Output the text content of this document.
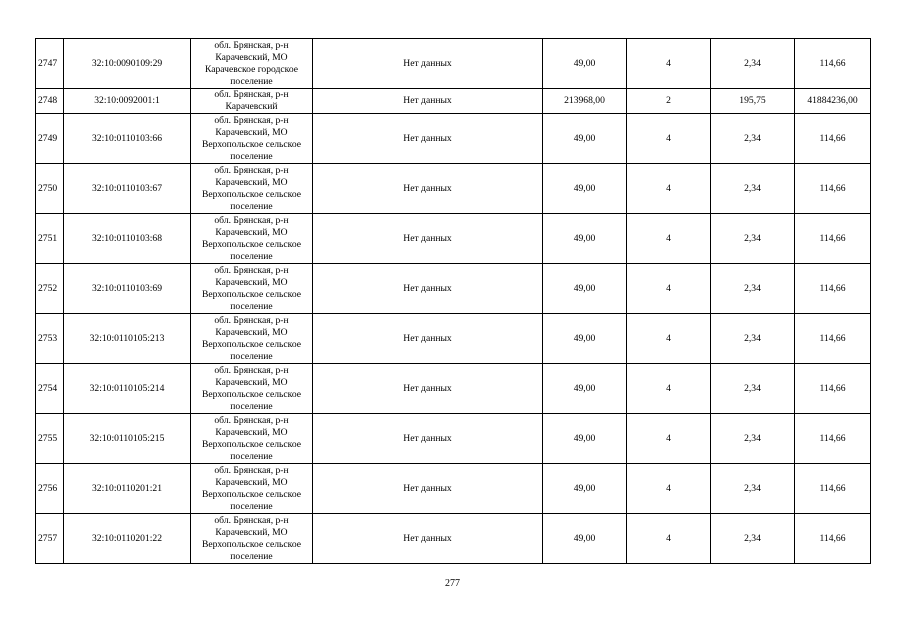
2747	32:10:0090109:29	обл. Брянская, р-н
Карачевский, МО
Карачевское городское
поселение	Нет данных	49,00	4	2,34	114,66
2748	32:10:0092001:1	обл. Брянская, р-н
Карачевский	Нет данных	213968,00	2	195,75	41884236,00
2749	32:10:0110103:66	обл. Брянская, р-н
Карачевский, МО
Верхопольское сельское
поселение	Нет данных	49,00	4	2,34	114,66
2750	32:10:0110103:67	обл. Брянская, р-н
Карачевский, МО
Верхопольское сельское
поселение	Нет данных	49,00	4	2,34	114,66
2751	32:10:0110103:68	обл. Брянская, р-н
Карачевский, МО
Верхопольское сельское
поселение	Нет данных	49,00	4	2,34	114,66
2752	32:10:0110103:69	обл. Брянская, р-н
Карачевский, МО
Верхопольское сельское
поселение	Нет данных	49,00	4	2,34	114,66
2753	32:10:0110105:213	обл. Брянская, р-н
Карачевский, МО
Верхопольское сельское
поселение	Нет данных	49,00	4	2,34	114,66
2754	32:10:0110105:214	обл. Брянская, р-н
Карачевский, МО
Верхопольское сельское
поселение	Нет данных	49,00	4	2,34	114,66
2755	32:10:0110105:215	обл. Брянская, р-н
Карачевский, МО
Верхопольское сельское
поселение	Нет данных	49,00	4	2,34	114,66
2756	32:10:0110201:21	обл. Брянская, р-н
Карачевский, МО
Верхопольское сельское
поселение	Нет данных	49,00	4	2,34	114,66
2757	32:10:0110201:22	обл. Брянская, р-н
Карачевский, МО
Верхопольское сельское
поселение	Нет данных	49,00	4	2,34	114,66
277
